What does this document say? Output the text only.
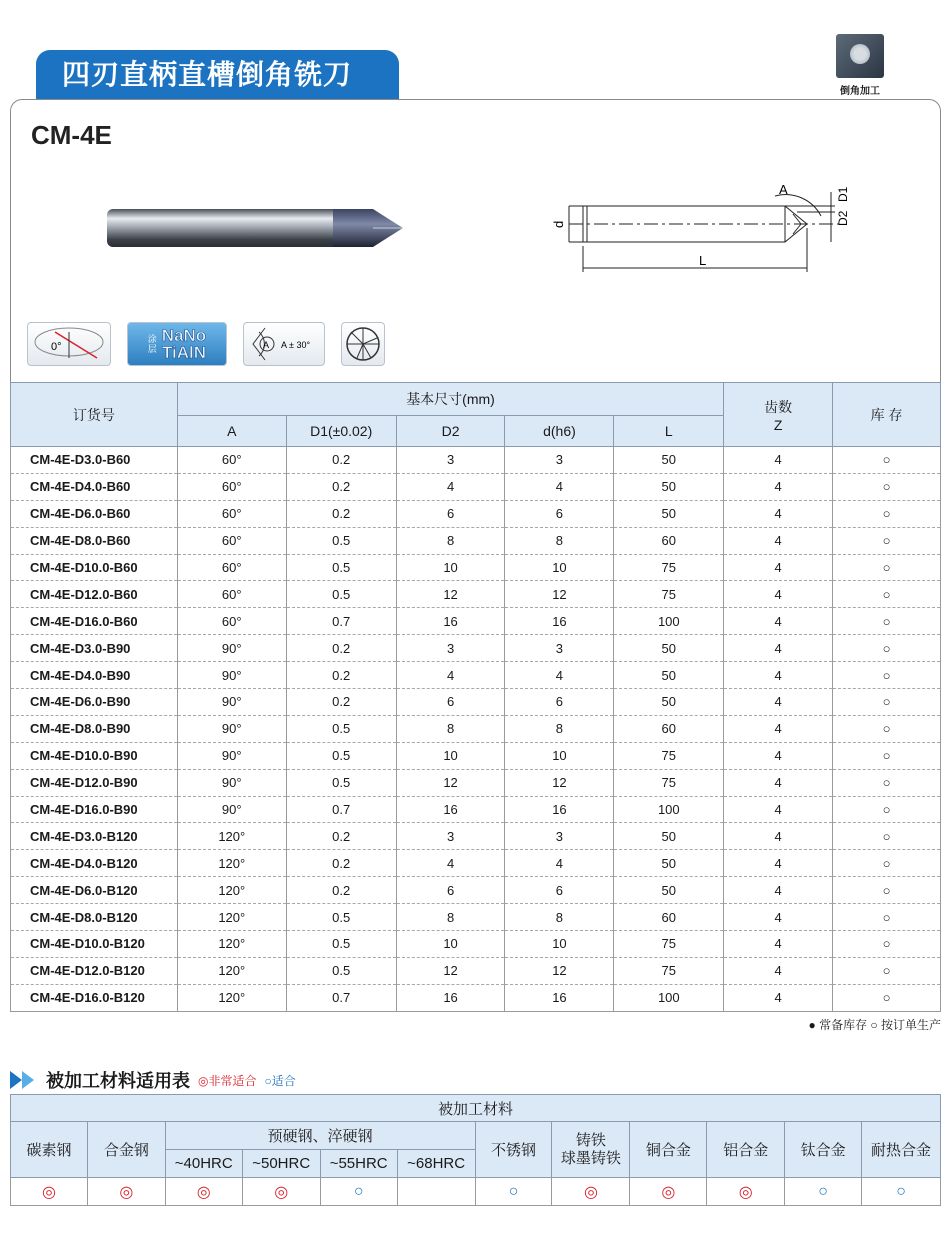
四刃直柄直槽倒角铣刀
倒角加工
CM-4E
A	D1
D2
d
L
0°
涂层
NaNo
TiAlN	A A ± 30°
订货号	基本尺寸(mm)					齿数
Z	库 存
	A	D1(±0.02)	D2	d(h6)	L		
CM-4E-D3.0-B60	60°	0.2	3	3	50	4	○
CM-4E-D4.0-B60	60°	0.2	4	4	50	4	○
CM-4E-D6.0-B60	60°	0.2	6	6	50	4	○
CM-4E-D8.0-B60	60°	0.5	8	8	60	4	○
CM-4E-D10.0-B60	60°	0.5	10	10	75	4	○
CM-4E-D12.0-B60	60°	0.5	12	12	75	4	○
CM-4E-D16.0-B60	60°	0.7	16	16	100	4	○
CM-4E-D3.0-B90	90°	0.2	3	3	50	4	○
CM-4E-D4.0-B90	90°	0.2	4	4	50	4	○
CM-4E-D6.0-B90	90°	0.2	6	6	50	4	○
CM-4E-D8.0-B90	90°	0.5	8	8	60	4	○
CM-4E-D10.0-B90	90°	0.5	10	10	75	4	○
CM-4E-D12.0-B90	90°	0.5	12	12	75	4	○
CM-4E-D16.0-B90	90°	0.7	16	16	100	4	○
CM-4E-D3.0-B120	120°	0.2	3	3	50	4	○
CM-4E-D4.0-B120	120°	0.2	4	4	50	4	○
CM-4E-D6.0-B120	120°	0.2	6	6	50	4	○
CM-4E-D8.0-B120	120°	0.5	8	8	60	4	○
CM-4E-D10.0-B120	120°	0.5	10	10	75	4	○
CM-4E-D12.0-B120	120°	0.5	12	12	75	4	○
CM-4E-D16.0-B120	120°	0.7	16	16	100	4	○
● 常备库存 ○ 按订单生产
被加工材料适用表 ◎非常适合 ○适合
被加工材料											
碳素钢	合金钢	预硬钢、淬硬钢				不锈钢	铸铁
球墨铸铁	铜合金	铝合金	钛合金	耐热合金
		~40HRC	~50HRC	~55HRC	~68HRC						
◎	◎	◎	◎	○		○	◎	◎	◎	○	○
